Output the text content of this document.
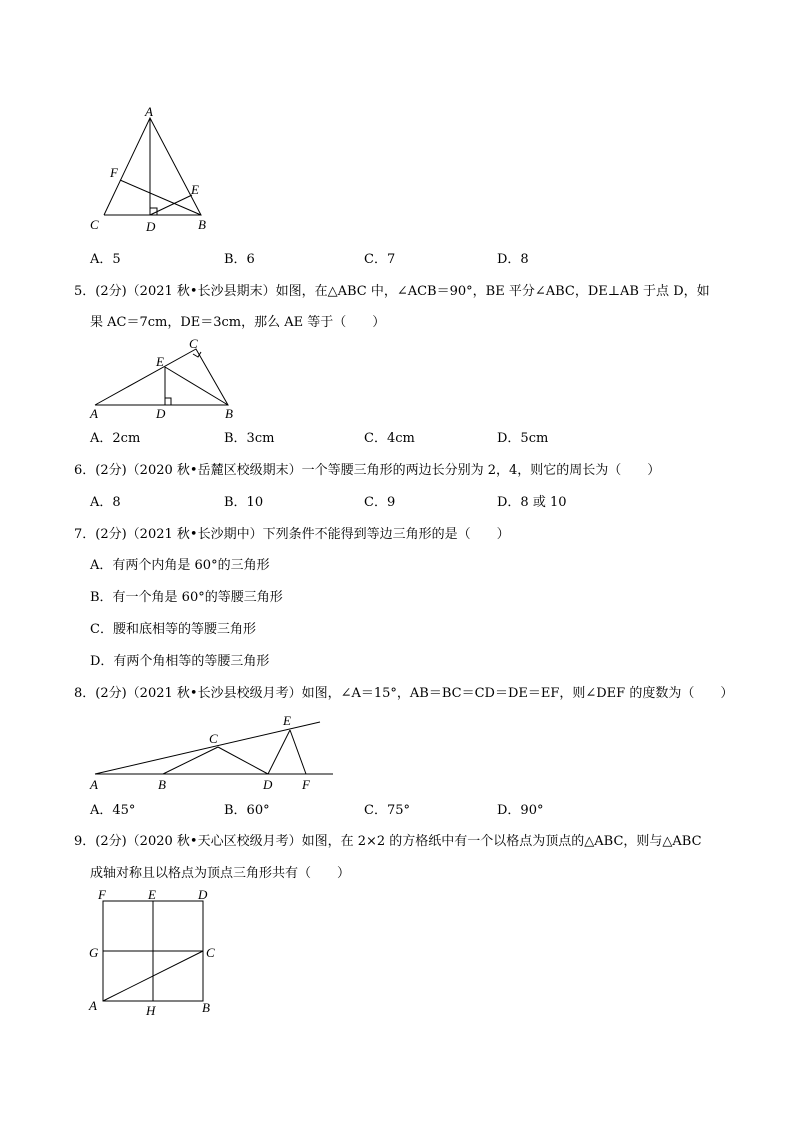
A
F
E
C	D	B
A．5	B．6	C．7	D．8
5．(2分)（2021 秋•长沙县期末）如图，在△ABC 中，∠ACB＝90°，BE 平分∠ABC，DE⊥AB 于点 D，如
果 AC＝7cm，DE＝3cm，那么 AE 等于（　　）
C
E
A	D	B
A．2cm	B．3cm	C．4cm	D．5cm
6．(2分)（2020 秋•岳麓区校级期末）一个等腰三角形的两边长分别为 2，4，则它的周长为（　　）
A．8	B．10	C．9	D．8 或 10
7．(2分)（2021 秋•长沙期中）下列条件不能得到等边三角形的是（　　）
A．有两个内角是 60°的三角形
B．有一个角是 60°的等腰三角形
C．腰和底相等的等腰三角形
D．有两个角相等的等腰三角形
8．(2分)（2021 秋•长沙县校级月考）如图，∠A＝15°，AB＝BC＝CD＝DE＝EF，则∠DEF 的度数为（　　）
E
C
A	B	D F
A．45°	B．60°	C．75°	D．90°
9．(2分)（2020 秋•天心区校级月考）如图，在 2×2 的方格纸中有一个以格点为顶点的△ABC，则与△ABC
成轴对称且以格点为顶点三角形共有（　　）
F	E	D
G	C
A	H	B
